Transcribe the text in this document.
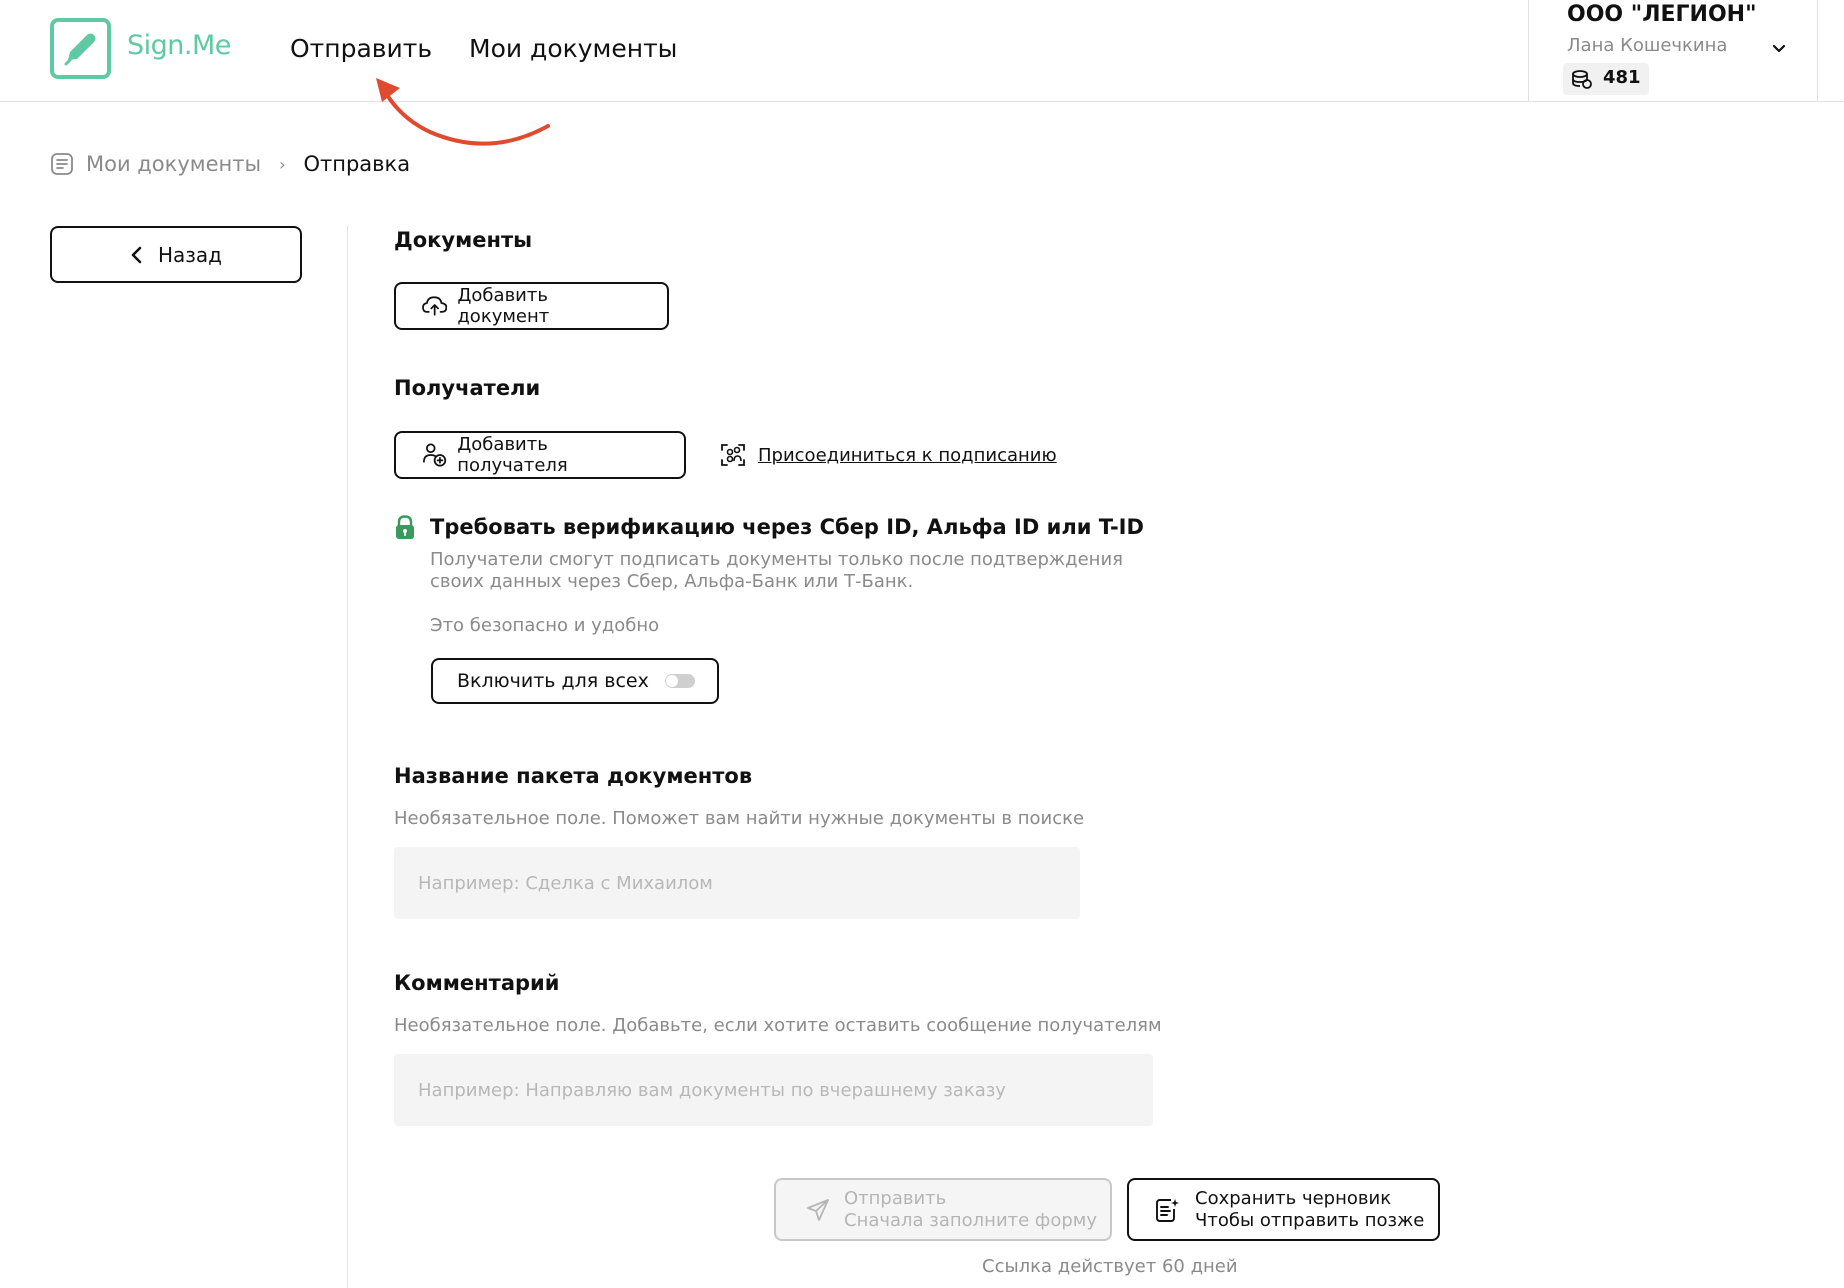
Sign.Me Отправить Мои документы
ООО "ЛЕГИОН"
Лана Кошечкина
481
Мои документы › Отправка
Назад
Документы
Добавить документ
Получатели
Добавить получателя	Присоединиться к подписанию
Требовать верификацию через Сбер ID, Альфа ID или T-ID
Получатели смогут подписать документы только после подтверждения
своих данных через Сбер, Альфа-Банк или Т-Банк.
Это безопасно и удобно
Включить для всех
Название пакета документов
Необязательное поле. Поможет вам найти нужные документы в поиске
Например: Сделка с Михаилом
Комментарий
Необязательное поле. Добавьте, если хотите оставить сообщение получателям
Например: Направляю вам документы по вчерашнему заказу
Отправить
Сначала заполните форму
Сохранить черновик
Чтобы отправить позже
Ссылка действует 60 дней
